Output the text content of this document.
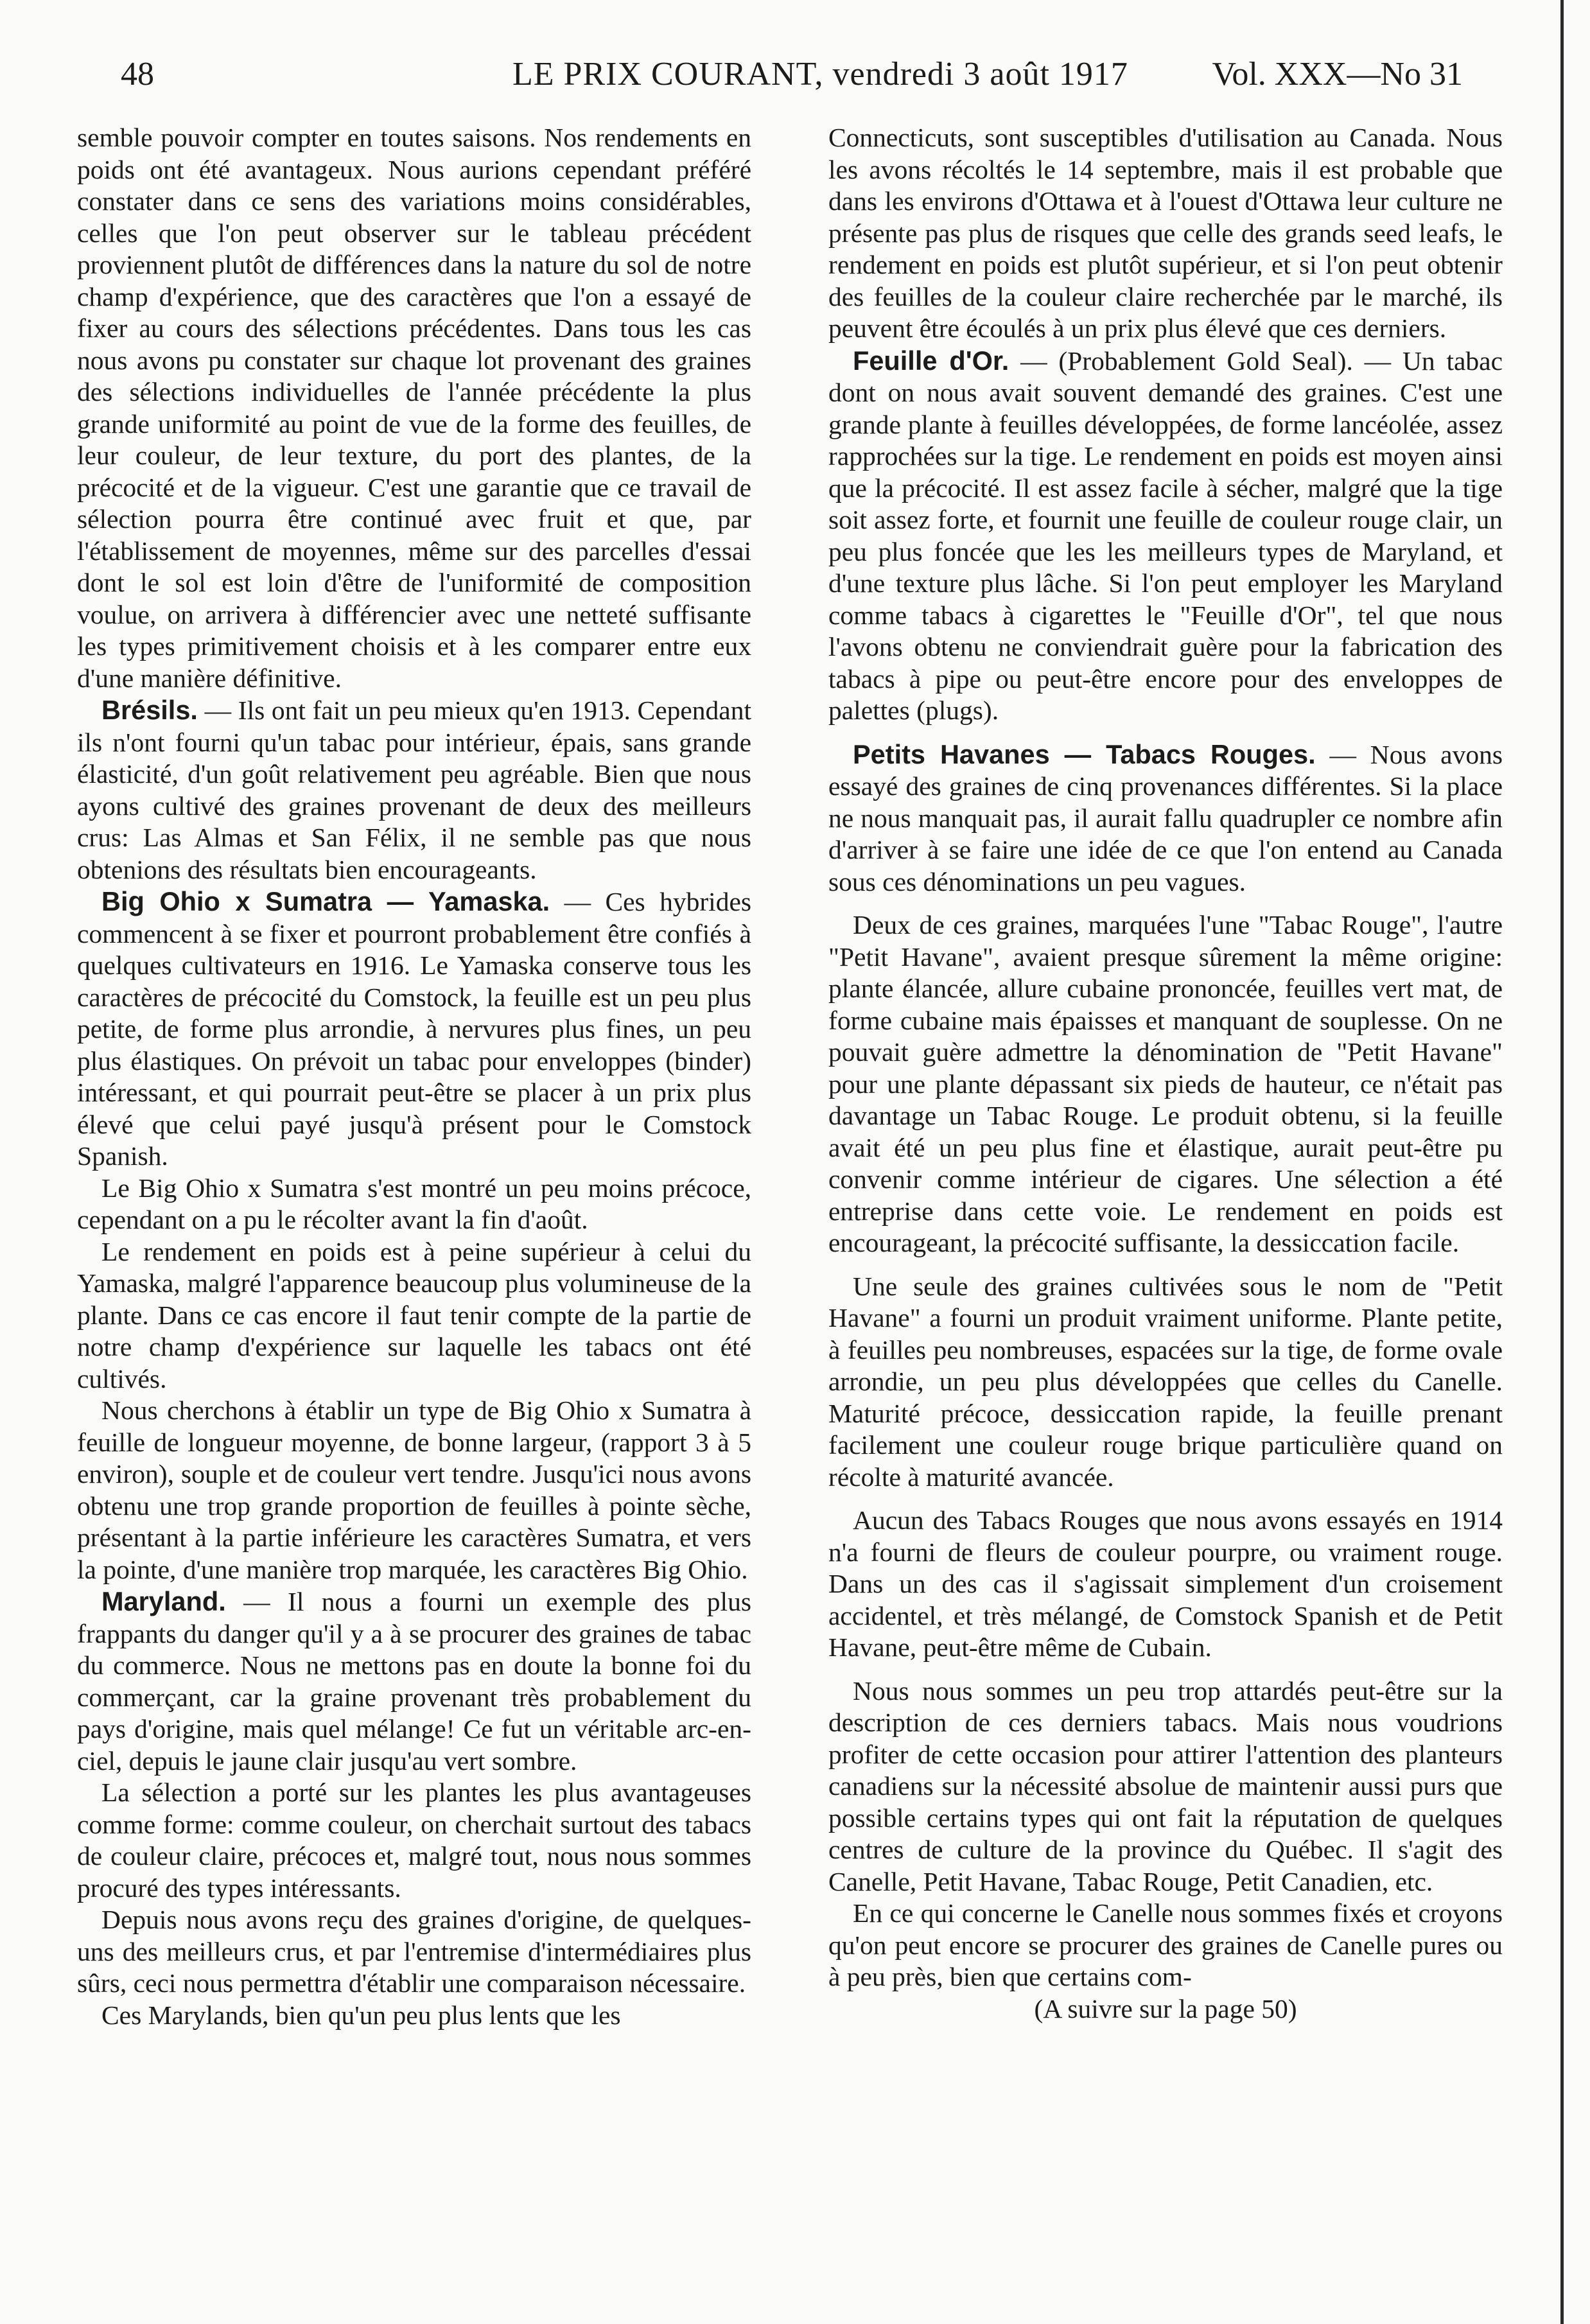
48	LE PRIX COURANT, vendredi 3 août 1917	Vol. XXX—No 31

semble pouvoir compter en toutes saisons. Nos rendements en poids ont été avantageux. Nous aurions cependant préféré constater dans ce sens des variations moins considérables, celles que l'on peut observer sur le tableau précédent proviennent plutôt de différences dans la nature du sol de notre champ d'expérience, que des caractères que l'on a essayé de fixer au cours des sélections précédentes. Dans tous les cas nous avons pu constater sur chaque lot provenant des graines des sélections individuelles de l'année précédente la plus grande uniformité au point de vue de la forme des feuilles, de leur couleur, de leur texture, du port des plantes, de la précocité et de la vigueur. C'est une garantie que ce travail de sélection pourra être continué avec fruit et que, par l'établissement de moyennes, même sur des parcelles d'essai dont le sol est loin d'être de l'uniformité de composition voulue, on arrivera à différencier avec une netteté suffisante les types primitivement choisis et à les comparer entre eux d'une manière définitive.

Brésils. — Ils ont fait un peu mieux qu'en 1913. Cependant ils n'ont fourni qu'un tabac pour intérieur, épais, sans grande élasticité, d'un goût relativement peu agréable. Bien que nous ayons cultivé des graines provenant de deux des meilleurs crus: Las Almas et San Félix, il ne semble pas que nous obtenions des résultats bien encourageants.

Big Ohio x Sumatra — Yamaska. — Ces hybrides commencent à se fixer et pourront probablement être confiés à quelques cultivateurs en 1916. Le Yamaska conserve tous les caractères de précocité du Comstock, la feuille est un peu plus petite, de forme plus arrondie, à nervures plus fines, un peu plus élastiques. On prévoit un tabac pour enveloppes (binder) intéressant, et qui pourrait peut-être se placer à un prix plus élevé que celui payé jusqu'à présent pour le Comstock Spanish.

Le Big Ohio x Sumatra s'est montré un peu moins précoce, cependant on a pu le récolter avant la fin d'août.

Le rendement en poids est à peine supérieur à celui du Yamaska, malgré l'apparence beaucoup plus volumineuse de la plante. Dans ce cas encore il faut tenir compte de la partie de notre champ d'expérience sur laquelle les tabacs ont été cultivés.

Nous cherchons à établir un type de Big Ohio x Sumatra à feuille de longueur moyenne, de bonne largeur, (rapport 3 à 5 environ), souple et de couleur vert tendre. Jusqu'ici nous avons obtenu une trop grande proportion de feuilles à pointe sèche, présentant à la partie inférieure les caractères Sumatra, et vers la pointe, d'une manière trop marquée, les caractères Big Ohio.

Maryland. — Il nous a fourni un exemple des plus frappants du danger qu'il y a à se procurer des graines de tabac du commerce. Nous ne mettons pas en doute la bonne foi du commerçant, car la graine provenant très probablement du pays d'origine, mais quel mélange! Ce fut un véritable arc-en-ciel, depuis le jaune clair jusqu'au vert sombre.

La sélection a porté sur les plantes les plus avantageuses comme forme: comme couleur, on cherchait surtout des tabacs de couleur claire, précoces et, malgré tout, nous nous sommes procuré des types intéressants.

Depuis nous avons reçu des graines d'origine, de quelques-uns des meilleurs crus, et par l'entremise d'intermédiaires plus sûrs, ceci nous permettra d'établir une comparaison nécessaire.

Ces Marylands, bien qu'un peu plus lents que les

Connecticuts, sont susceptibles d'utilisation au Canada. Nous les avons récoltés le 14 septembre, mais il est probable que dans les environs d'Ottawa et à l'ouest d'Ottawa leur culture ne présente pas plus de risques que celle des grands seed leafs, le rendement en poids est plutôt supérieur, et si l'on peut obtenir des feuilles de la couleur claire recherchée par le marché, ils peuvent être écoulés à un prix plus élevé que ces derniers.

Feuille d'Or. — (Probablement Gold Seal). — Un tabac dont on nous avait souvent demandé des graines. C'est une grande plante à feuilles développées, de forme lancéolée, assez rapprochées sur la tige. Le rendement en poids est moyen ainsi que la précocité. Il est assez facile à sécher, malgré que la tige soit assez forte, et fournit une feuille de couleur rouge clair, un peu plus foncée que les les meilleurs types de Maryland, et d'une texture plus lâche. Si l'on peut employer les Maryland comme tabacs à cigarettes le "Feuille d'Or", tel que nous l'avons obtenu ne conviendrait guère pour la fabrication des tabacs à pipe ou peut-être encore pour des enveloppes de palettes (plugs).

Petits Havanes — Tabacs Rouges. — Nous avons essayé des graines de cinq provenances différentes. Si la place ne nous manquait pas, il aurait fallu quadrupler ce nombre afin d'arriver à se faire une idée de ce que l'on entend au Canada sous ces dénominations un peu vagues.

Deux de ces graines, marquées l'une "Tabac Rouge", l'autre "Petit Havane", avaient presque sûrement la même origine: plante élancée, allure cubaine prononcée, feuilles vert mat, de forme cubaine mais épaisses et manquant de souplesse. On ne pouvait guère admettre la dénomination de "Petit Havane" pour une plante dépassant six pieds de hauteur, ce n'était pas davantage un Tabac Rouge. Le produit obtenu, si la feuille avait été un peu plus fine et élastique, aurait peut-être pu convenir comme intérieur de cigares. Une sélection a été entreprise dans cette voie. Le rendement en poids est encourageant, la précocité suffisante, la dessiccation facile.

Une seule des graines cultivées sous le nom de "Petit Havane" a fourni un produit vraiment uniforme. Plante petite, à feuilles peu nombreuses, espacées sur la tige, de forme ovale arrondie, un peu plus développées que celles du Canelle. Maturité précoce, dessiccation rapide, la feuille prenant facilement une couleur rouge brique particulière quand on récolte à maturité avancée.

Aucun des Tabacs Rouges que nous avons essayés en 1914 n'a fourni de fleurs de couleur pourpre, ou vraiment rouge. Dans un des cas il s'agissait simplement d'un croisement accidentel, et très mélangé, de Comstock Spanish et de Petit Havane, peut-être même de Cubain.

Nous nous sommes un peu trop attardés peut-être sur la description de ces derniers tabacs. Mais nous voudrions profiter de cette occasion pour attirer l'attention des planteurs canadiens sur la nécessité absolue de maintenir aussi purs que possible certains types qui ont fait la réputation de quelques centres de culture de la province du Québec. Il s'agit des Canelle, Petit Havane, Tabac Rouge, Petit Canadien, etc.

En ce qui concerne le Canelle nous sommes fixés et croyons qu'on peut encore se procurer des graines de Canelle pures ou à peu près, bien que certains com-

(A suivre sur la page 50)
